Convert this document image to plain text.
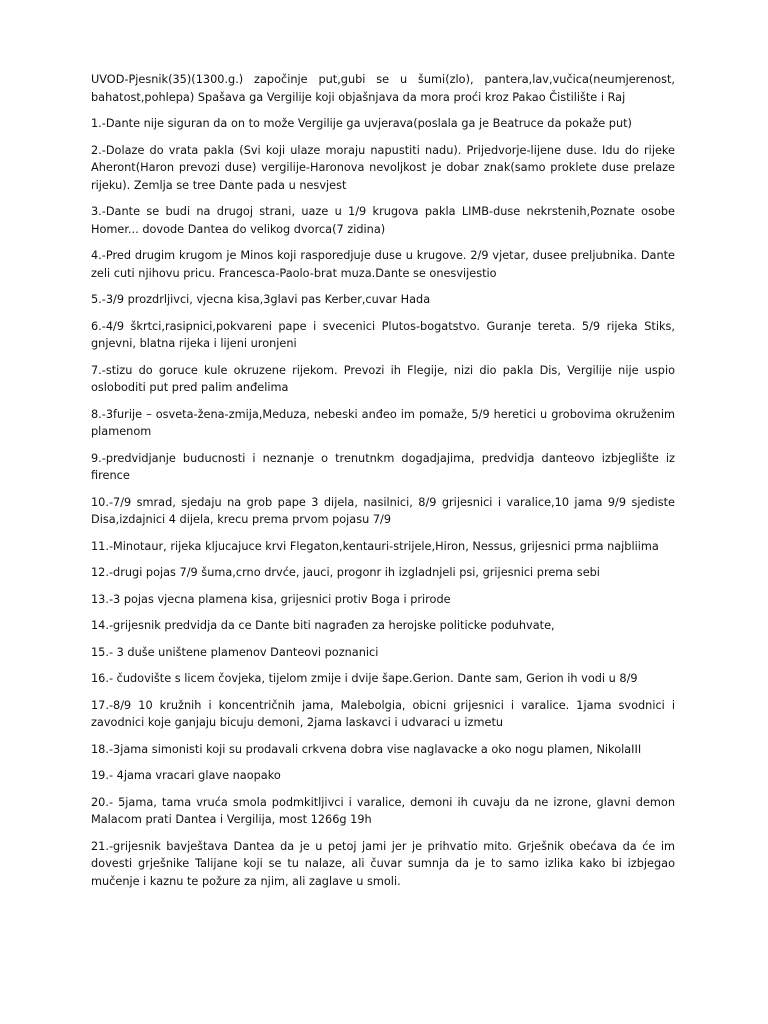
UVOD-Pjesnik(35)(1300.g.) započinje put,gubi se u šumi(zlo), pantera,lav,vučica(neumjerenost, bahatost,pohlepa) Spašava ga Vergilije koji objašnjava da mora proći kroz Pakao Čistilište i Raj

1.-Dante nije siguran da on to može Vergilije ga uvjerava(poslala ga je Beatruce da pokaže put)

2.-Dolaze do vrata pakla (Svi koji ulaze moraju napustiti nadu). Prijedvorje-lijene duse. Idu do rijeke Aheront(Haron prevozi duse) vergilije-Haronova nevoljkost je dobar znak(samo proklete duse prelaze rijeku). Zemlja se tree Dante pada u nesvjest

3.-Dante se budi na drugoj strani, uaze u 1/9 krugova pakla LIMB-duse nekrstenih,Poznate osobe Homer... dovode Dantea do velikog dvorca(7 zidina)

4.-Pred drugim krugom je Minos koji rasporedjuje duse u krugove. 2/9 vjetar, dusee preljubnika. Dante zeli cuti njihovu pricu. Francesca-Paolo-brat muza.Dante se onesvijestio

5.-3/9 prozdrljivci, vjecna kisa,3glavi pas Kerber,cuvar Hada

6.-4/9 škrtci,rasipnici,pokvareni pape i svecenici Plutos-bogatstvo. Guranje tereta. 5/9 rijeka Stiks, gnjevni, blatna rijeka i lijeni uronjeni

7.-stizu do goruce kule okruzene rijekom. Prevozi ih Flegije, nizi dio pakla Dis, Vergilije nije uspio osloboditi put pred palim anđelima

8.-3furije – osveta-žena-zmija,Meduza, nebeski anđeo im pomaže, 5/9 heretici u grobovima okruženim plamenom

9.-predvidjanje buducnosti i neznanje o trenutnkm dogadjajima, predvidja danteovo izbjeglište iz firence

10.-7/9 smrad, sjedaju na grob pape 3 dijela, nasilnici, 8/9 grijesnici i varalice,10 jama 9/9 sjediste Disa,izdajnici 4 dijela, krecu prema prvom pojasu 7/9

11.-Minotaur, rijeka kljucajuce krvi Flegaton,kentauri-strijele,Hiron, Nessus, grijesnici prma najbliima

12.-drugi pojas 7/9 šuma,crno drvće, jauci, progonr ih izgladnjeli psi, grijesnici prema sebi

13.-3 pojas vjecna plamena kisa, grijesnici protiv Boga i prirode

14.-grijesnik predvidja da ce Dante biti nagrađen za herojske politicke poduhvate,

15.- 3 duše uništene plamenov Danteovi poznanici

16.- čudovište s licem čovjeka, tijelom zmije i dvije šape.Gerion. Dante sam, Gerion ih vodi u 8/9

17.-8/9 10 kružnih i koncentričnih jama, Malebolgia, obicni grijesnici i varalice. 1jama svodnici i zavodnici koje ganjaju bicuju demoni, 2jama laskavci i udvaraci u izmetu

18.-3jama simonisti koji su prodavali crkvena dobra vise naglavacke a oko nogu plamen, NikolaIII

19.- 4jama vracari glave naopako

20.- 5jama, tama vruća smola podmkitljivci i varalice, demoni ih cuvaju da ne izrone, glavni demon Malacom prati Dantea i Vergilija, most 1266g 19h

21.-grijesnik bavještava Dantea da je u petoj jami jer je prihvatio mito. Grješnik obećava da će im dovesti grješnike Talijane koji se tu nalaze, ali čuvar sumnja da je to samo izlika kako bi izbjegao mučenje i kaznu te požure za njim, ali zaglave u smoli.
